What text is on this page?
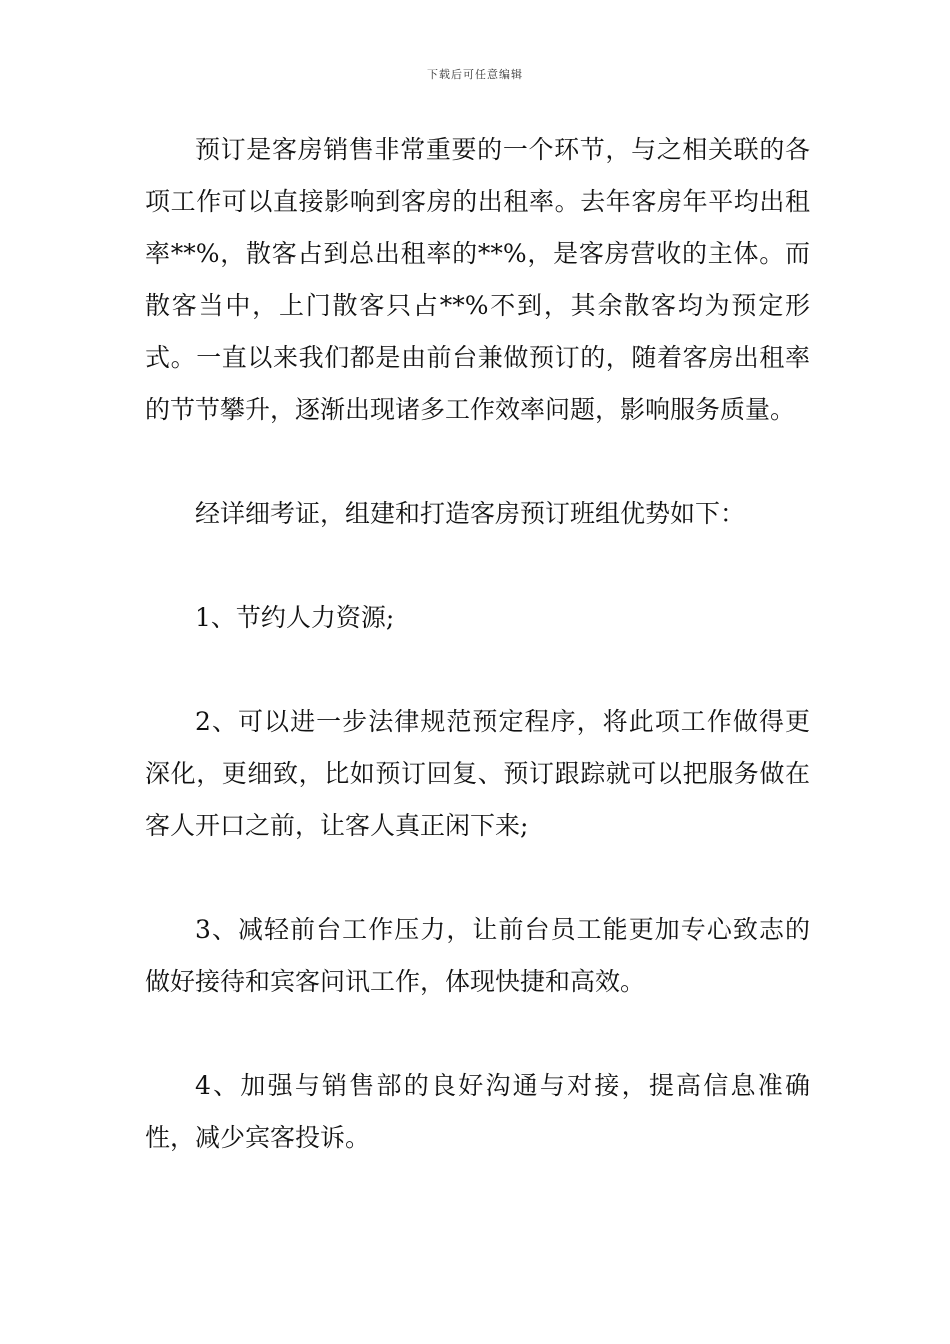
下载后可任意编辑

预订是客房销售非常重要的一个环节，与之相关联的各项工作可以直接影响到客房的出租率。去年客房年平均出租率**%，散客占到总出租率的**%，是客房营收的主体。而散客当中，上门散客只占**%不到，其余散客均为预定形式。一直以来我们都是由前台兼做预订的，随着客房出租率的节节攀升，逐渐出现诸多工作效率问题，影响服务质量。

经详细考证，组建和打造客房预订班组优势如下：

1、节约人力资源;

2、可以进一步法律规范预定程序，将此项工作做得更深化，更细致，比如预订回复、预订跟踪就可以把服务做在客人开口之前，让客人真正闲下来;

3、减轻前台工作压力，让前台员工能更加专心致志的做好接待和宾客问讯工作，体现快捷和高效。

4、加强与销售部的良好沟通与对接，提高信息准确性，减少宾客投诉。
